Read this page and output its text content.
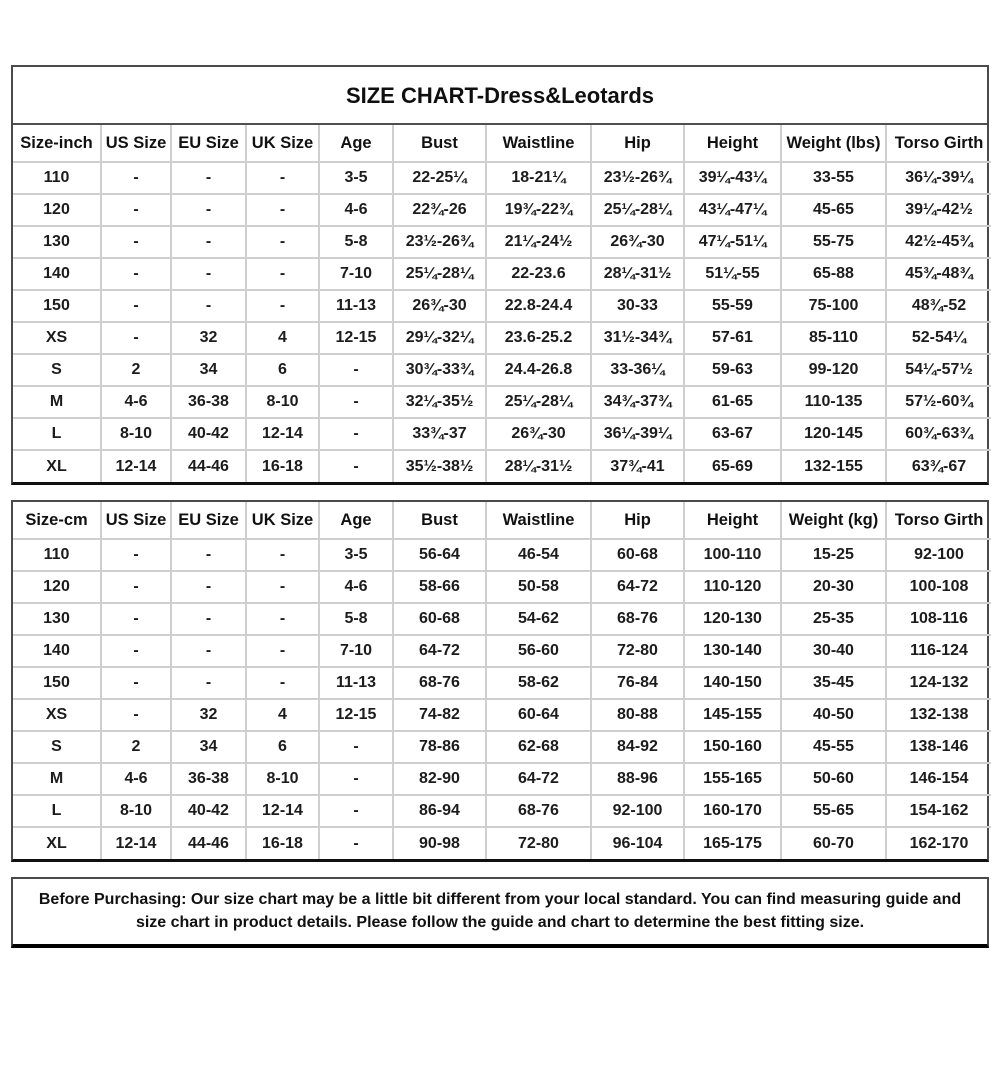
SIZE CHART-Dress&Leotards
Size-inch	US Size	EU Size	UK Size	Age	Bust	Waistline	Hip	Height	Weight (lbs)	Torso Girth
110	-	-	-	3-5	22-25¼	18-21¼	23½-26¾	39¼-43¼	33-55	36¼-39¼
120	-	-	-	4-6	22¾-26	19¾-22¾	25¼-28¼	43¼-47¼	45-65	39¼-42½
130	-	-	-	5-8	23½-26¾	21¼-24½	26¾-30	47¼-51¼	55-75	42½-45¾
140	-	-	-	7-10	25¼-28¼	22-23.6	28¼-31½	51¼-55	65-88	45¾-48¾
150	-	-	-	11-13	26¾-30	22.8-24.4	30-33	55-59	75-100	48¾-52
XS	-	32	4	12-15	29¼-32¼	23.6-25.2	31½-34¾	57-61	85-110	52-54¼
S	2	34	6	-	30¾-33¾	24.4-26.8	33-36¼	59-63	99-120	54¼-57½
M	4-6	36-38	8-10	-	32¼-35½	25¼-28¼	34¾-37¾	61-65	110-135	57½-60¾
L	8-10	40-42	12-14	-	33¾-37	26¾-30	36¼-39¼	63-67	120-145	60¾-63¾
XL	12-14	44-46	16-18	-	35½-38½	28¼-31½	37¾-41	65-69	132-155	63¾-67
Size-cm	US Size	EU Size	UK Size	Age	Bust	Waistline	Hip	Height	Weight (kg)	Torso Girth
110	-	-	-	3-5	56-64	46-54	60-68	100-110	15-25	92-100
120	-	-	-	4-6	58-66	50-58	64-72	110-120	20-30	100-108
130	-	-	-	5-8	60-68	54-62	68-76	120-130	25-35	108-116
140	-	-	-	7-10	64-72	56-60	72-80	130-140	30-40	116-124
150	-	-	-	11-13	68-76	58-62	76-84	140-150	35-45	124-132
XS	-	32	4	12-15	74-82	60-64	80-88	145-155	40-50	132-138
S	2	34	6	-	78-86	62-68	84-92	150-160	45-55	138-146
M	4-6	36-38	8-10	-	82-90	64-72	88-96	155-165	50-60	146-154
L	8-10	40-42	12-14	-	86-94	68-76	92-100	160-170	55-65	154-162
XL	12-14	44-46	16-18	-	90-98	72-80	96-104	165-175	60-70	162-170

Before Purchasing: Our size chart may be a little bit different from your local standard. You can find measuring guide and size chart in product details. Please follow the guide and chart to determine the best fitting size.
